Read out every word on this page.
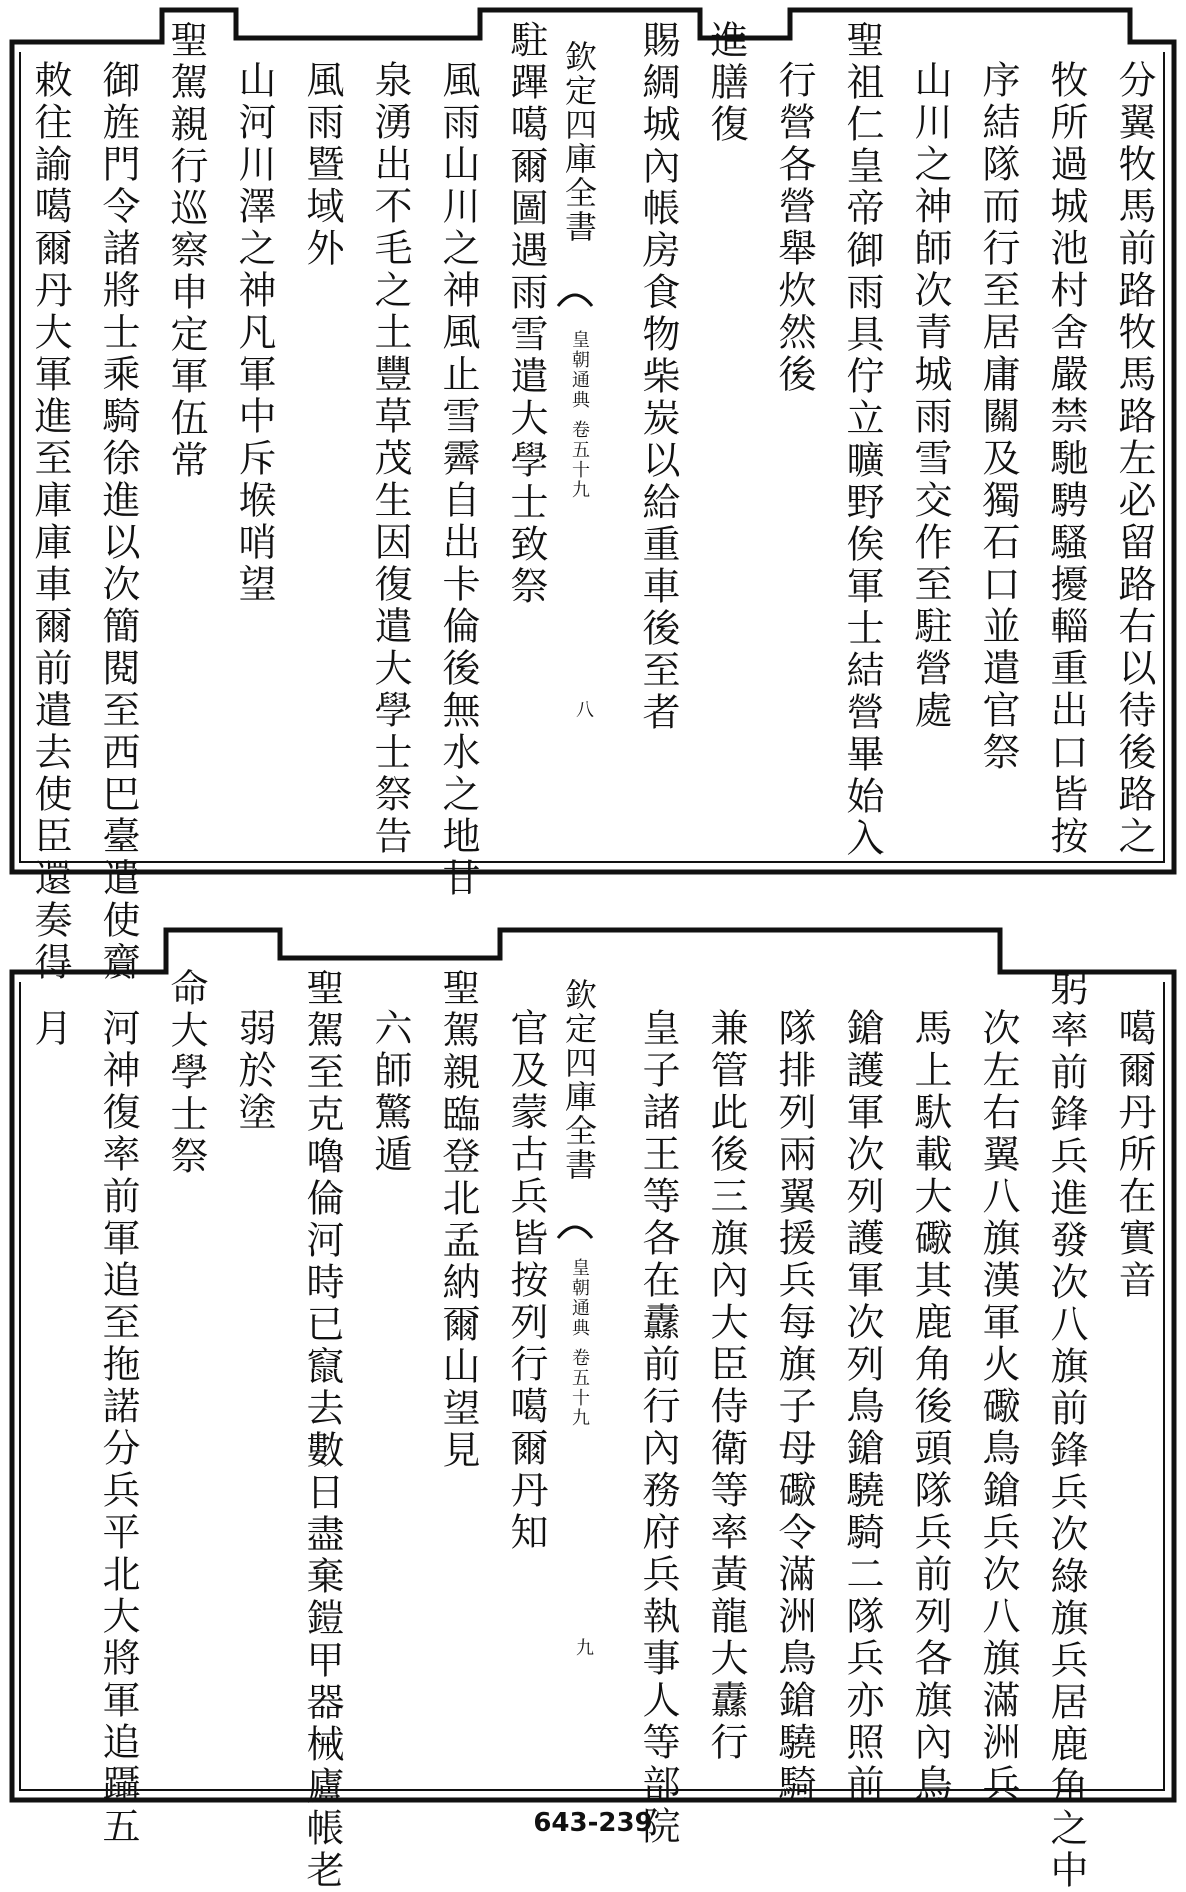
分翼牧馬前路牧馬路左必留路右以待後路之
牧所過城池村舍嚴禁馳騁騷擾輜重出口皆按
序結隊而行至居庸關及獨石口並遣官祭
山川之神師次青城雨雪交作至駐營處
聖祖仁皇帝御雨具佇立曠野俟軍士結營畢始入
行營各營舉炊然後
進膳復
賜綢城內帳房食物柴炭以給重車後至者
駐蹕噶爾圖遇雨雪遣大學士致祭
風雨山川之神風止雪霽自出卡倫後無水之地甘
泉湧出不毛之土豐草茂生因復遣大學士祭告
風雨暨域外
山河川澤之神凡軍中斥堠哨望
聖駕親行巡察申定軍伍常
御旌門令諸將士乘騎徐進以次簡閱至西巴臺遣使齎
敕往諭噶爾丹大軍進至庫庫車爾前遣去使臣還奏得	欽定四庫全書
皇朝通典
卷五十九
八
噶爾丹所在實音
躬率前鋒兵進發次八旗前鋒兵次綠旗兵居鹿角之中
次左右翼八旗漢軍火礮鳥鎗兵次八旗滿洲兵
馬上馱載大礮其鹿角後頭隊兵前列各旗內鳥
鎗護軍次列護軍次列鳥鎗驍騎二隊兵亦照前
隊排列兩翼援兵每旗子母礮令滿洲鳥鎗驍騎
兼管此後三旗內大臣侍衛等率黃龍大纛行
皇子諸王等各在纛前行內務府兵執事人等部院
官及蒙古兵皆按列行噶爾丹知
聖駕親臨登北孟納爾山望見
六師驚遁
聖駕至克嚕倫河時已竄去數日盡棄鎧甲器械廬帳老
弱於塗
命大學士祭
河神復率前軍追至拖諾分兵平北大將軍追躡五
月	欽定四庫全書
皇朝通典
卷五十九
九
643-239
